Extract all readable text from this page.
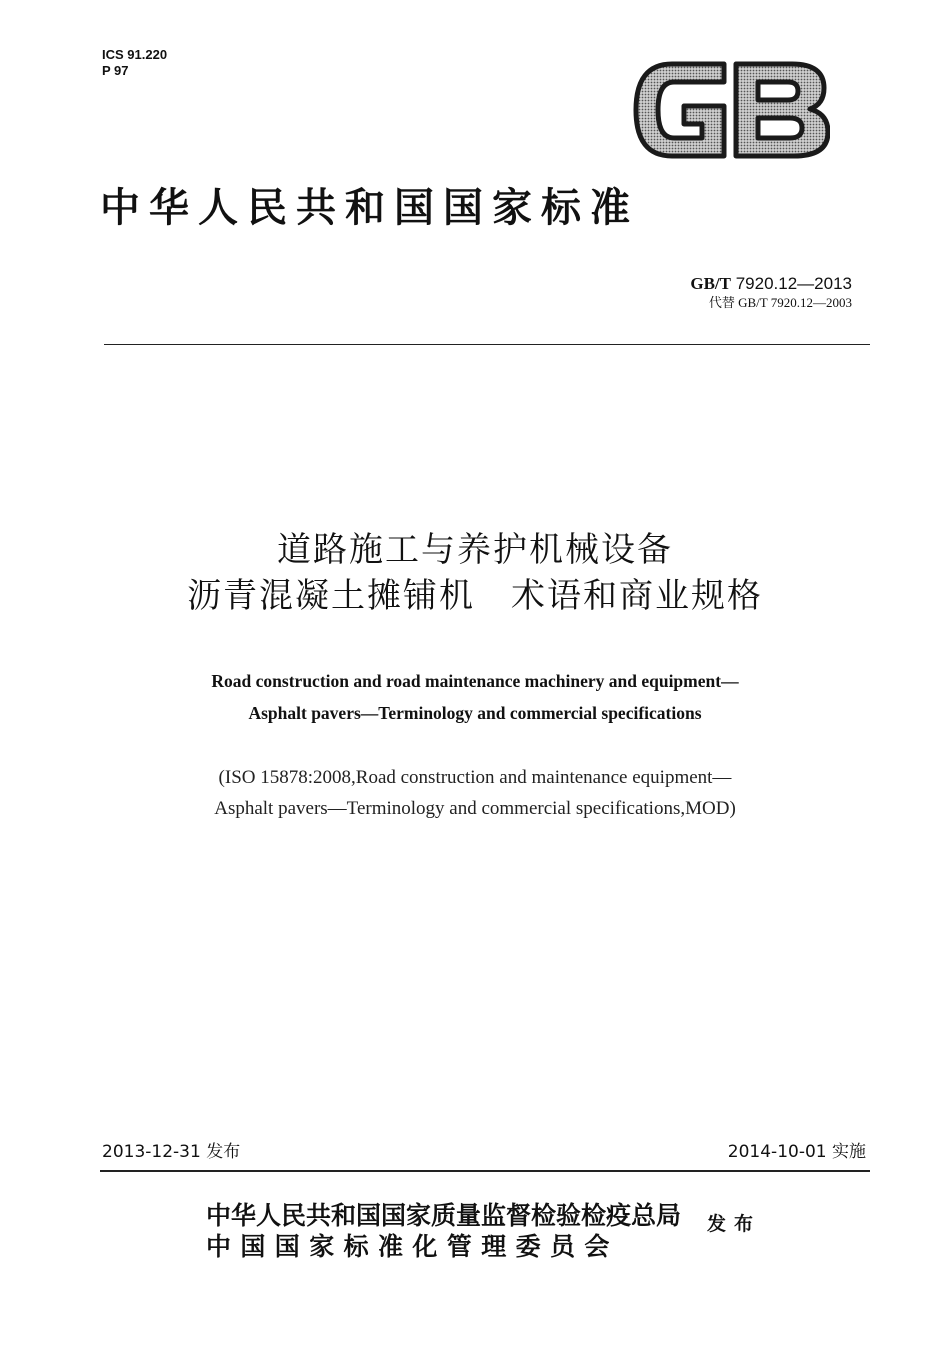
ICS 91.220
P 97
GB
中华人民共和国国家标准
GB/T 7920.12—2013
代替 GB/T 7920.12—2003
道路施工与养护机械设备
沥青混凝土摊铺机　术语和商业规格
Road construction and road maintenance machinery and equipment—
Asphalt pavers—Terminology and commercial specifications
(ISO 15878:2008,Road construction and maintenance equipment—
Asphalt pavers—Terminology and commercial specifications,MOD)
2013-12-31 发布	2014-10-01 实施
中华人民共和国国家质量监督检验检疫总局
中国国家标准化管理委员会
发布
